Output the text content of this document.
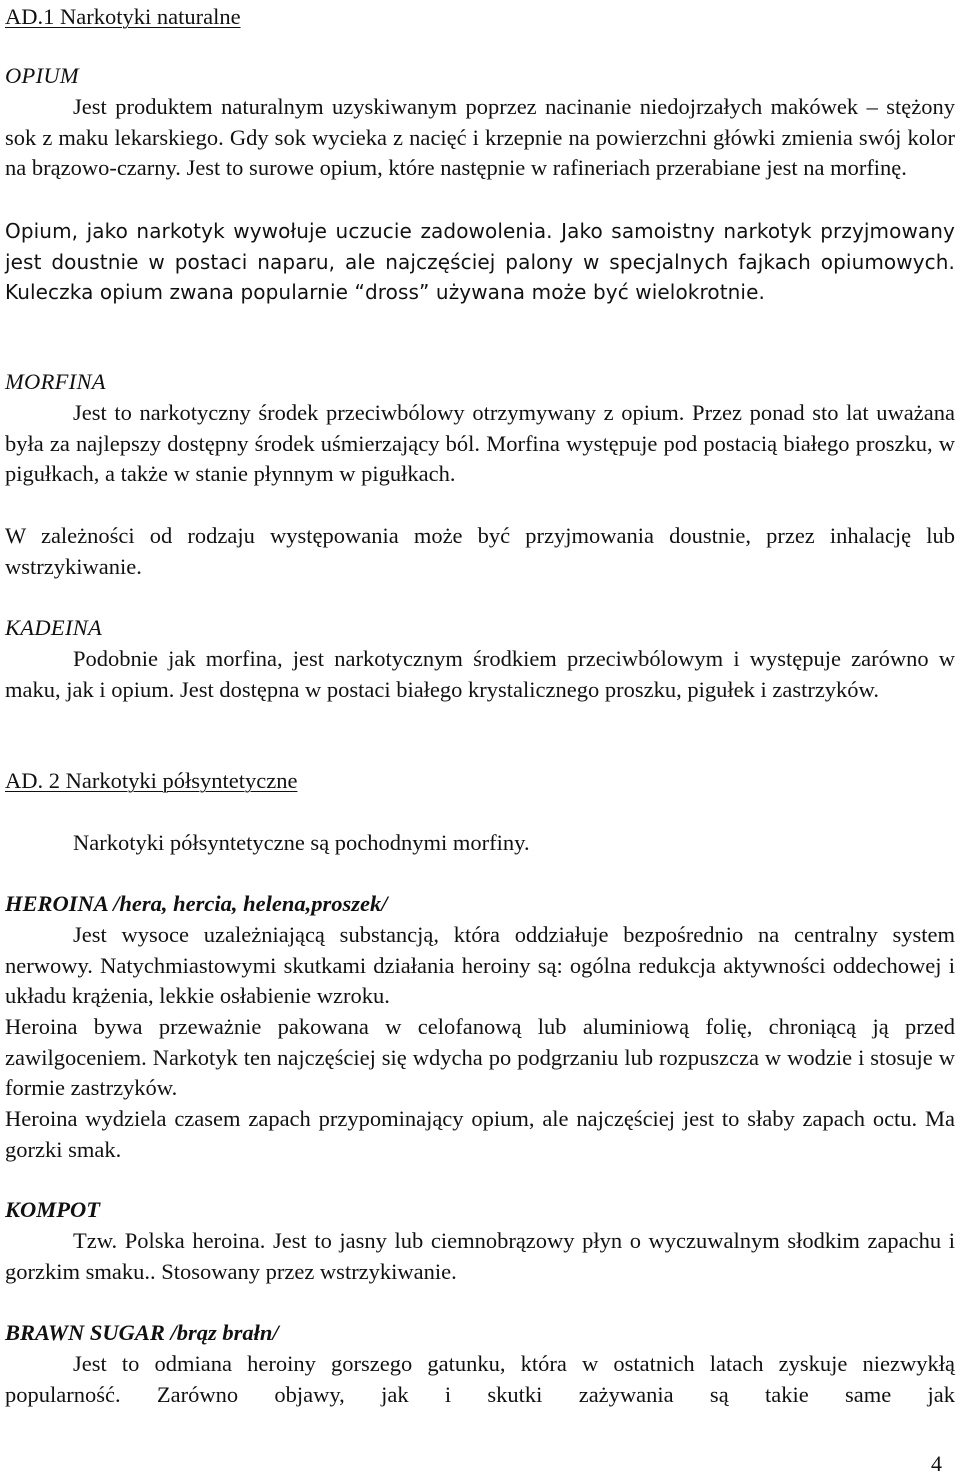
AD.1 Narkotyki naturalne
OPIUM

Jest produktem naturalnym uzyskiwanym poprzez nacinanie niedojrzałych makówek – stężony sok z maku lekarskiego. Gdy sok wycieka z nacięć i krzepnie na powierzchni główki zmienia swój kolor na brązowo-czarny. Jest to surowe opium, które następnie w rafineriach przerabiane jest na morfinę.

Opium, jako narkotyk wywołuje uczucie zadowolenia. Jako samoistny narkotyk przyjmowany jest doustnie w postaci naparu, ale najczęściej palony w specjalnych fajkach opiumowych. Kuleczka opium zwana popularnie “dross” używana może być wielokrotnie.

MORFINA

Jest to narkotyczny środek przeciwbólowy otrzymywany z opium. Przez ponad sto lat uważana była za najlepszy dostępny środek uśmierzający ból. Morfina występuje pod postacią białego proszku, w pigułkach, a także w stanie płynnym w pigułkach.

W zależności od rodzaju występowania może być przyjmowania doustnie, przez inhalację lub wstrzykiwanie.

KADEINA

Podobnie jak morfina, jest narkotycznym środkiem przeciwbólowym i występuje zarówno w maku, jak i opium. Jest dostępna w postaci białego krystalicznego proszku, pigułek i zastrzyków.

AD. 2 Narkotyki półsyntetyczne

Narkotyki półsyntetyczne są pochodnymi morfiny.

HEROINA /hera, hercia, helena,proszek/

Jest wysoce uzależniającą substancją, która oddziałuje bezpośrednio na centralny system nerwowy. Natychmiastowymi skutkami działania heroiny są: ogólna redukcja aktywności oddechowej i układu krążenia, lekkie osłabienie wzroku.

Heroina bywa przeważnie pakowana w celofanową lub aluminiową folię, chroniącą ją przed zawilgoceniem. Narkotyk ten najczęściej się wdycha po podgrzaniu lub rozpuszcza w wodzie i stosuje w formie zastrzyków.

Heroina wydziela czasem zapach przypominający opium, ale najczęściej jest to słaby zapach octu. Ma gorzki smak.

KOMPOT

Tzw. Polska heroina. Jest to jasny lub ciemnobrązowy płyn o wyczuwalnym słodkim zapachu i gorzkim smaku.. Stosowany przez wstrzykiwanie.

BRAWN SUGAR /brąz brałn/

Jest to odmiana heroiny gorszego gatunku, która w ostatnich latach zyskuje niezwykłą popularność. Zarówno objawy, jak i skutki zażywania są takie same jak

4
